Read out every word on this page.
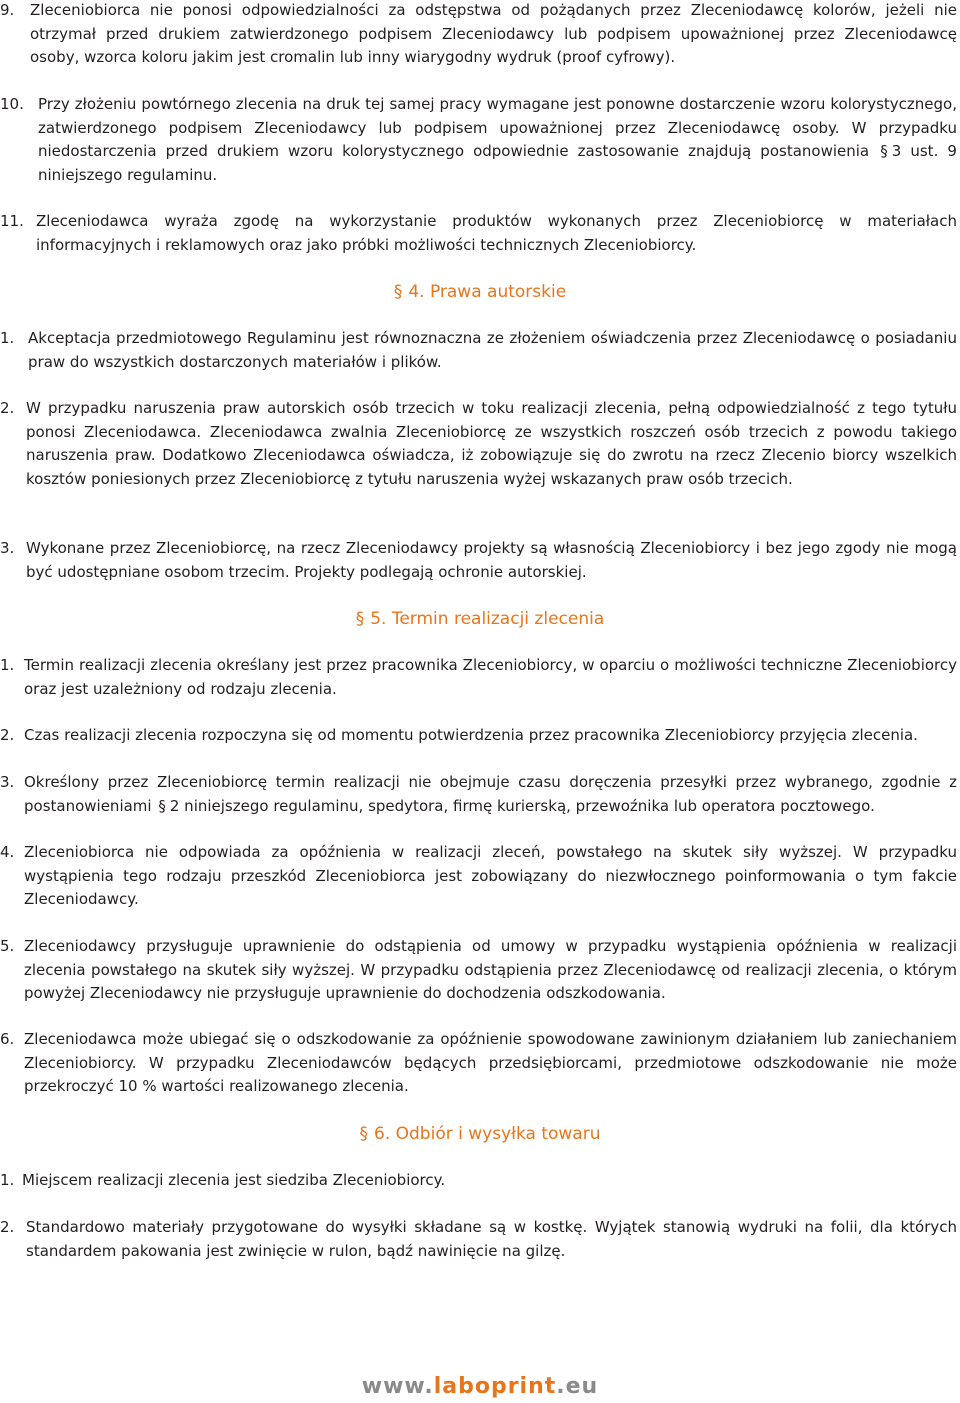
9.	Zleceniobiorca nie ponosi odpowiedzialności za odstępstwa od pożądanych przez Zleceniodawcę kolorów, jeżeli nie otrzymał przed drukiem zatwierdzonego podpisem Zleceniodawcy lub podpisem upoważnionej przez Zleceniodawcę osoby, wzorca koloru jakim jest cromalin lub inny wiarygodny wydruk (proof cyfrowy).
10. Przy złożeniu powtórnego zlecenia na druk tej samej pracy wymagane jest ponowne dostarczenie wzoru kolorystycznego, zatwierdzonego podpisem Zleceniodawcy lub podpisem upoważnionej przez Zleceniodawcę osoby. W przypadku niedostarczenia przed drukiem wzoru kolorystycznego odpowiednie zastosowanie znajdują postanowienia § 3 ust. 9 niniejszego regulaminu.
11. Zleceniodawca wyraża zgodę na wykorzystanie produktów wykonanych przez Zleceniobiorcę w materiałach informacyjnych i reklamowych oraz jako próbki możliwości technicznych Zleceniobiorcy.
§ 4. Prawa autorskie
1. Akceptacja przedmiotowego Regulaminu jest równoznaczna ze złożeniem oświadczenia przez Zleceniodawcę o posiadaniu praw do wszystkich dostarczonych materiałów i plików.
2. W przypadku naruszenia praw autorskich osób trzecich w toku realizacji zlecenia, pełną odpowiedzialność z tego tytułu ponosi Zleceniodawca. Zleceniodawca zwalnia Zleceniobiorcę ze wszystkich roszczeń osób trzecich z powodu takiego naruszenia praw. Dodatkowo Zleceniodawca oświadcza, iż zobowiązuje się do zwrotu na rzecz Zlecenio biorcy wszelkich kosztów poniesionych przez Zleceniobiorcę z tytułu naruszenia wyżej wskazanych praw osób trzecich.
3. Wykonane przez Zleceniobiorcę, na rzecz Zleceniodawcy projekty są własnością Zleceniobiorcy i bez jego zgody nie mogą być udostępniane osobom trzecim. Projekty podlegają ochronie autorskiej.
§ 5. Termin realizacji zlecenia
1. Termin realizacji zlecenia określany jest przez pracownika Zleceniobiorcy, w oparciu o możliwości techniczne Zleceniobiorcy oraz jest uzależniony od rodzaju zlecenia.
2. Czas realizacji zlecenia rozpoczyna się od momentu potwierdzenia przez pracownika Zleceniobiorcy przyjęcia zlecenia.
3. Określony przez Zleceniobiorcę termin realizacji nie obejmuje czasu doręczenia przesyłki przez wybranego, zgodnie z postanowieniami § 2 niniejszego regulaminu, spedytora, firmę kurierską, przewoźnika lub operatora pocztowego.
4. Zleceniobiorca nie odpowiada za opóźnienia w realizacji zleceń, powstałego na skutek siły wyższej. W przypadku wystąpienia tego rodzaju przeszkód Zleceniobiorca jest zobowiązany do niezwłocznego poinformowania o tym fakcie Zleceniodawcy.
5. Zleceniodawcy przysługuje uprawnienie do odstąpienia od umowy w przypadku wystąpienia opóźnienia w realizacji zlecenia powstałego na skutek siły wyższej. W przypadku odstąpienia przez Zleceniodawcę od realizacji zlecenia, o którym powyżej Zleceniodawcy nie przysługuje uprawnienie do dochodzenia odszkodowania.
6. Zleceniodawca może ubiegać się o odszkodowanie za opóźnienie spowodowane zawinionym działaniem lub zaniechaniem Zleceniobiorcy. W przypadku Zleceniodawców będących przedsiębiorcami, przedmiotowe odszkodowanie nie może przekroczyć 10 % wartości realizowanego zlecenia.
§ 6. Odbiór i wysyłka towaru
1. Miejscem realizacji zlecenia jest siedziba Zleceniobiorcy.
2. Standardowo materiały przygotowane do wysyłki składane są w kostkę. Wyjątek stanowią wydruki na folii, dla których standardem pakowania jest zwinięcie w rulon, bądź nawinięcie na gilzę.
www.laboprint.eu
